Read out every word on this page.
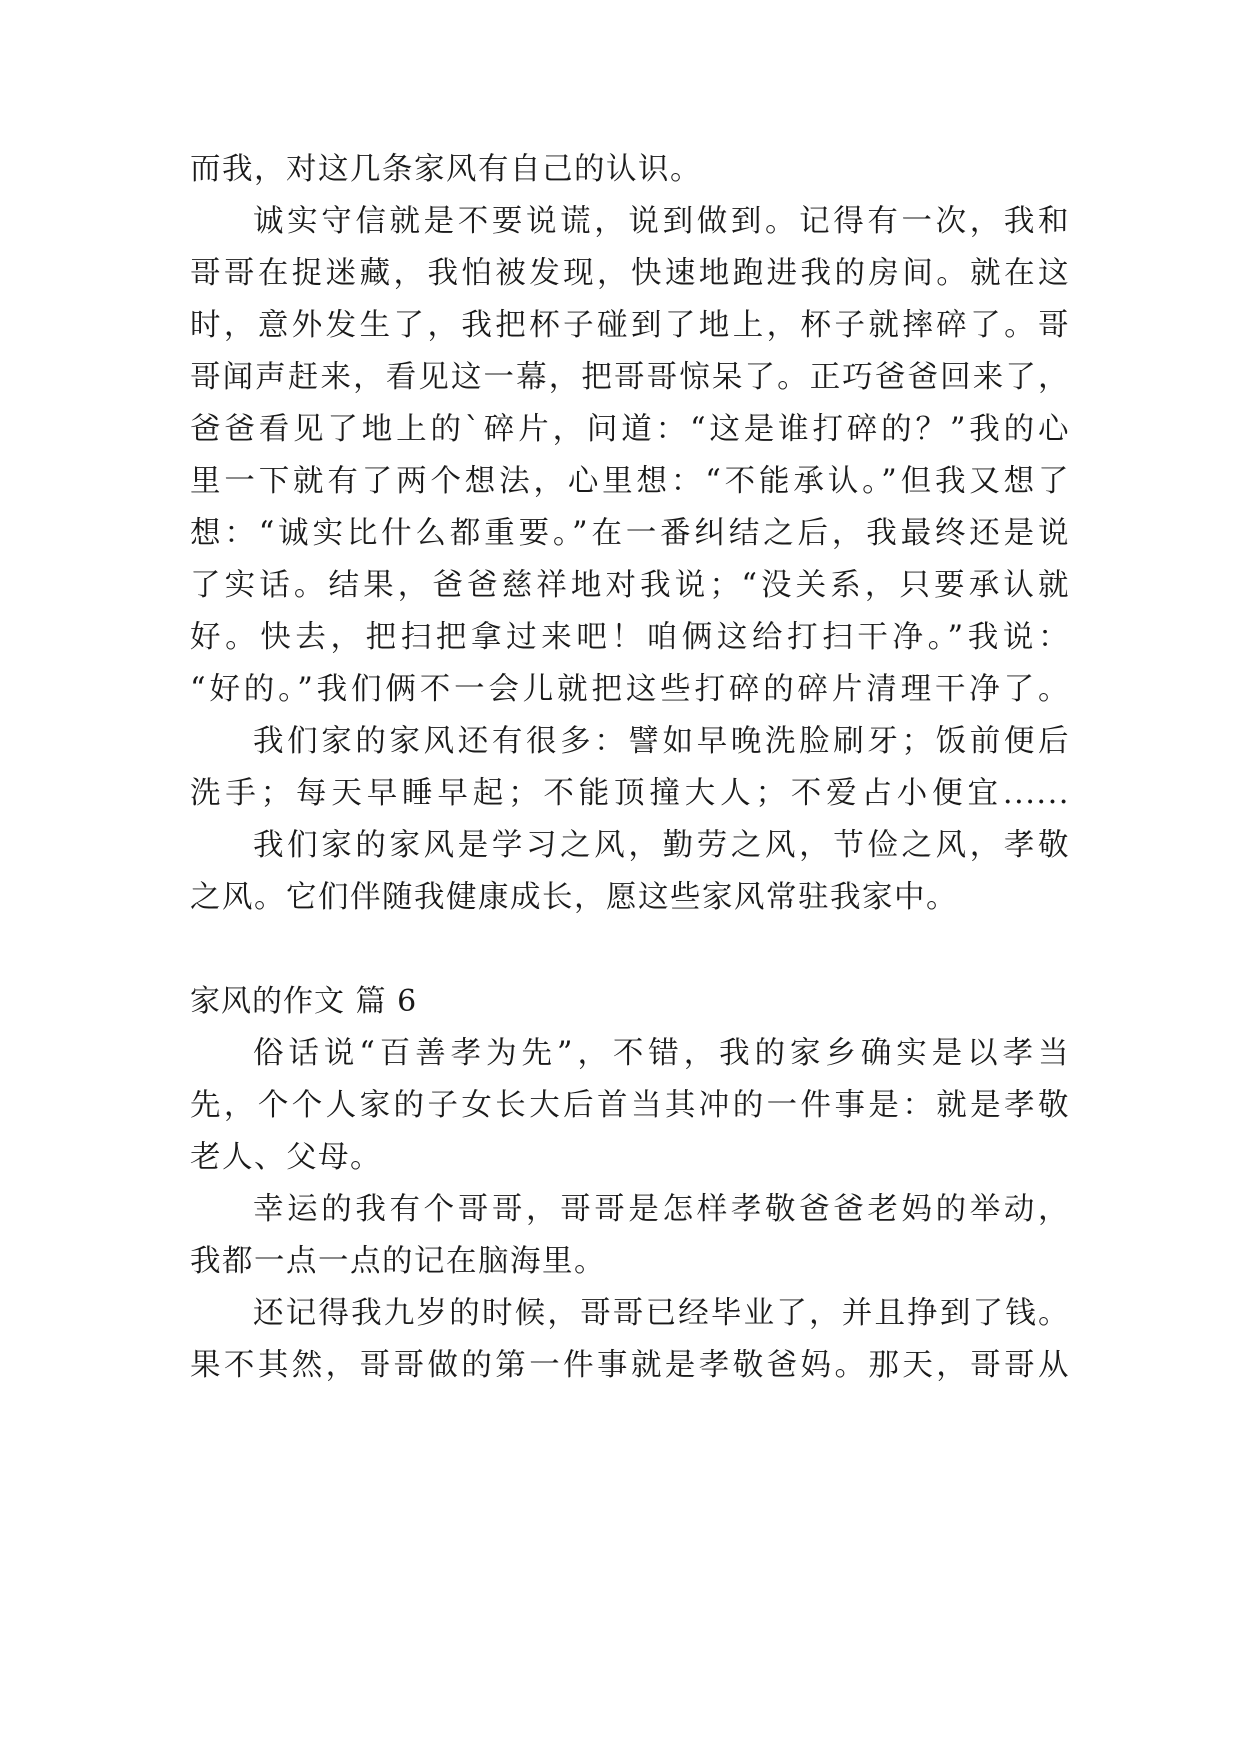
而我，对这几条家风有自己的认识。
诚实守信就是不要说谎，说到做到。记得有一次，我和
哥哥在捉迷藏，我怕被发现，快速地跑进我的房间。就在这
时，意外发生了，我把杯子碰到了地上，杯子就摔碎了。哥
哥闻声赶来，看见这一幕，把哥哥惊呆了。正巧爸爸回来了，
爸爸看见了地上的`碎片，问道：“这是谁打碎的？”我的心
里一下就有了两个想法，心里想：“不能承认。”但我又想了
想：“诚实比什么都重要。”在一番纠结之后，我最终还是说
了实话。结果，爸爸慈祥地对我说；“没关系，只要承认就
好。快去，把扫把拿过来吧！咱俩这给打扫干净。”我说：
“好的。”我们俩不一会儿就把这些打碎的碎片清理干净了。
我们家的家风还有很多：譬如早晚洗脸刷牙；饭前便后
洗手；每天早睡早起；不能顶撞大人；不爱占小便宜......
我们家的家风是学习之风，勤劳之风，节俭之风，孝敬
之风。它们伴随我健康成长，愿这些家风常驻我家中。
家风的作文 篇 6
俗话说“百善孝为先”，不错，我的家乡确实是以孝当
先，个个人家的子女长大后首当其冲的一件事是：就是孝敬
老人、父母。
幸运的我有个哥哥，哥哥是怎样孝敬爸爸老妈的举动，
我都一点一点的记在脑海里。
还记得我九岁的时候，哥哥已经毕业了，并且挣到了钱。
果不其然，哥哥做的第一件事就是孝敬爸妈。那天，哥哥从
